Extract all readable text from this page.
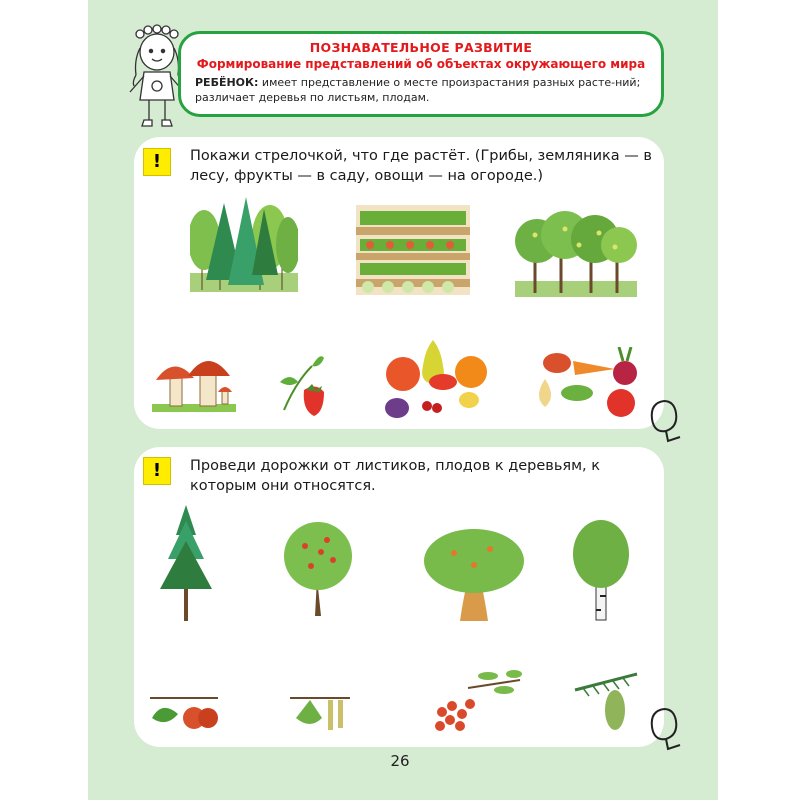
ПОЗНАВАТЕЛЬНОЕ РАЗВИТИЕ
Формирование представлений об объектах окружающего мира
РЕБЁНОК: имеет представление о месте произрастания разных расте-ний; различает деревья по листьям, плодам.
!	Покажи стрелочкой, что где растёт. (Грибы, земляника — в лесу, фрукты — в саду, овощи — на огороде.)
!	Проведи дорожки от листиков, плодов к деревьям, к которым они относятся.
26
